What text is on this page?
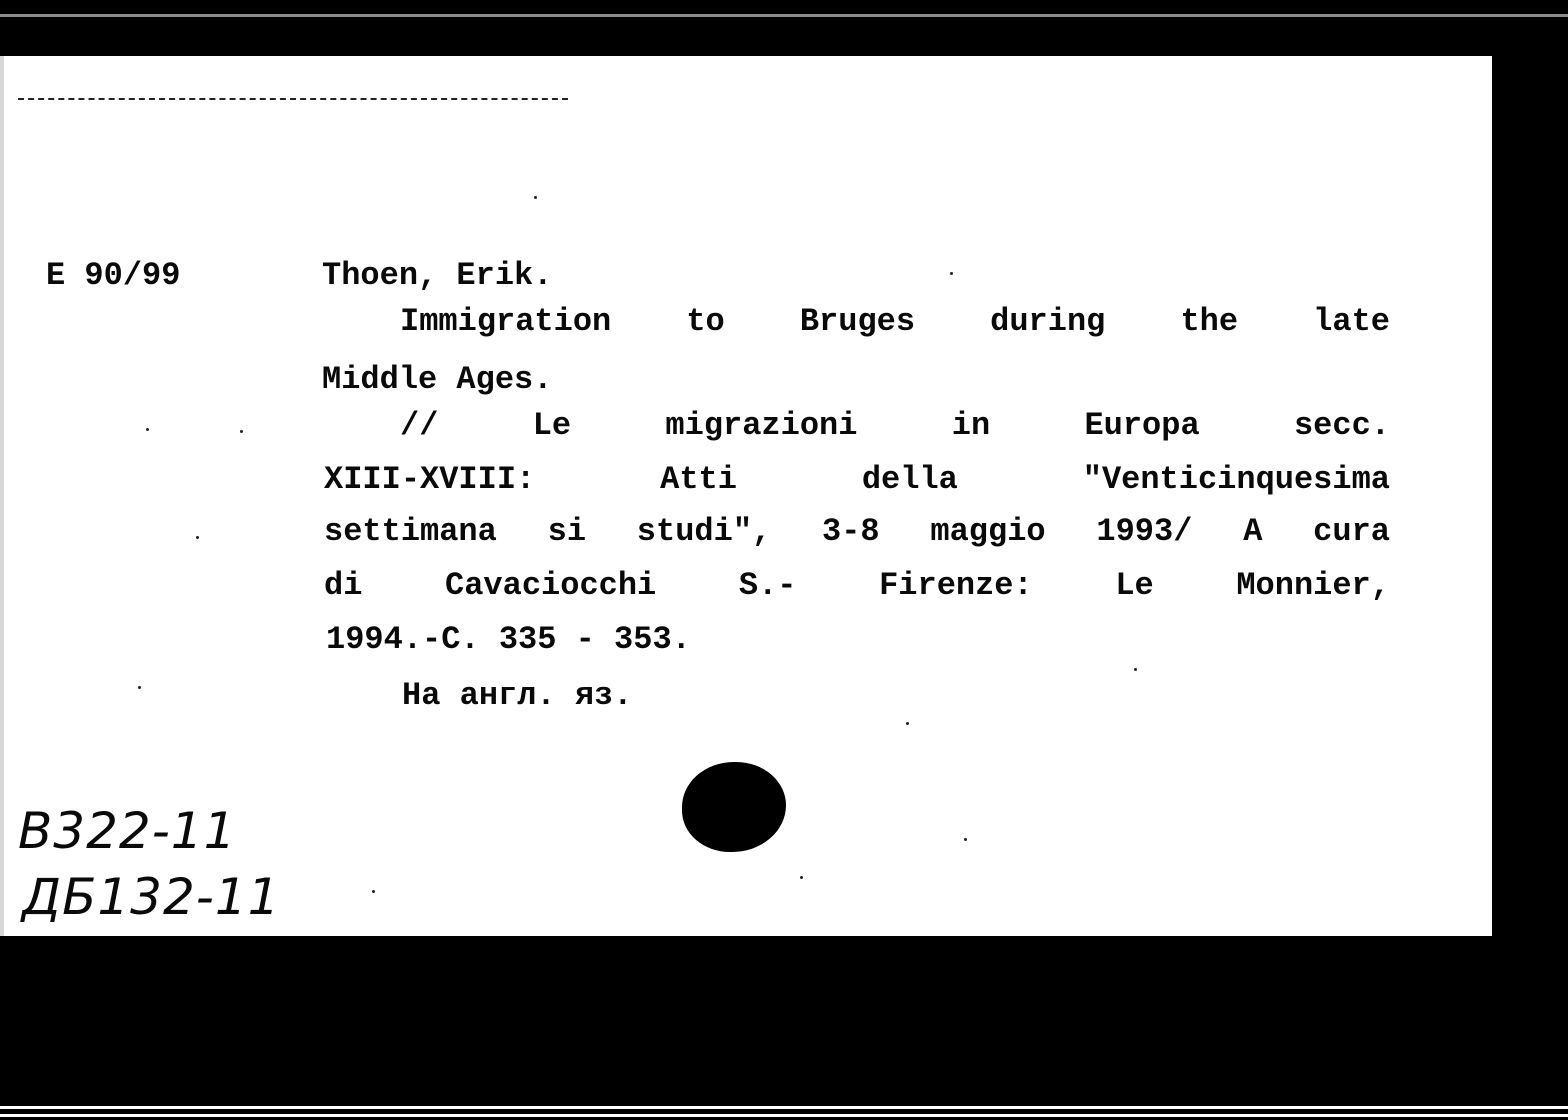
E 90/99	Thoen, Erik.
Immigration to Bruges during the late
Middle Ages.
//	Le	migrazioni	in	Europa	secc.
XIII-XVIII:	Atti	della	"Venticinquesima
settimana si studi", 3-8 maggio 1993/ A cura
di	Cavaciocchi	S.-	Firenze:	Le	Monnier,
1994.-C. 335 - 353.
На англ. яз.
В322-11
ДБ132-11
